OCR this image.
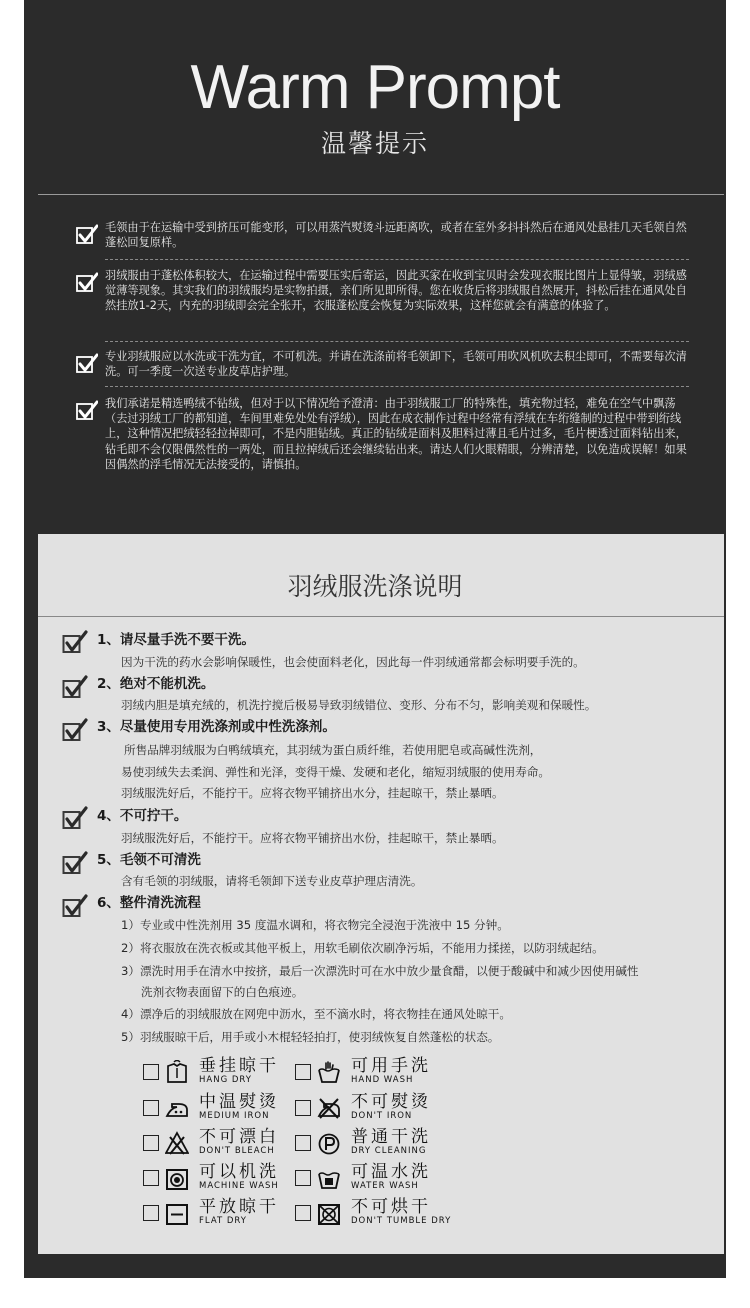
Warm Prompt
温馨提示
毛领由于在运输中受到挤压可能变形，可以用蒸汽熨烫斗远距离吹，或者在室外多抖抖然后在通风处悬挂几天毛领自然蓬松回复原样。
羽绒服由于蓬松体积较大，在运输过程中需要压实后寄运，因此买家在收到宝贝时会发现衣服比图片上显得皱，羽绒感觉薄等现象。其实我们的羽绒服均是实物拍摄，亲们所见即所得。您在收货后将羽绒服自然展开，抖松后挂在通风处自然挂放1-2天，内充的羽绒即会完全张开，衣服蓬松度会恢复为实际效果，这样您就会有满意的体验了。
专业羽绒服应以水洗或干洗为宜，不可机洗。并请在洗涤前将毛领卸下，毛领可用吹风机吹去积尘即可，不需要每次清洗。可一季度一次送专业皮草店护理。
我们承诺是精选鸭绒不钻绒，但对于以下情况给予澄清：由于羽绒服工厂的特殊性，填充物过轻，难免在空气中飘荡（去过羽绒工厂的都知道，车间里难免处处有浮绒），因此在成衣制作过程中经常有浮绒在车绗缝制的过程中带到绗线上，这种情况把绒轻轻拉掉即可，不是内胆钻绒。真正的钻绒是面料及胆料过薄且毛片过多，毛片梗透过面料钻出来，钻毛即不会仅限偶然性的一两处，而且拉掉绒后还会继续钻出来。请达人们火眼精眼，分辨清楚，以免造成误解！如果因偶然的浮毛情况无法接受的，请慎拍。
羽绒服洗涤说明
1、请尽量手洗不要干洗。
因为干洗的药水会影响保暖性，也会使面料老化，因此每一件羽绒通常都会标明要手洗的。
2、绝对不能机洗。
羽绒内胆是填充绒的，机洗拧搅后极易导致羽绒错位、变形、分布不匀，影响美观和保暖性。
3、尽量使用专用洗涤剂或中性洗涤剂。
所售品牌羽绒服为白鸭绒填充，其羽绒为蛋白质纤维，若使用肥皂或高碱性洗剂，
易使羽绒失去柔润、弹性和光泽，变得干燥、发硬和老化，缩短羽绒服的使用寿命。
羽绒服洗好后，不能拧干。应将衣物平铺挤出水分，挂起晾干，禁止暴晒。
4、不可拧干。
羽绒服洗好后，不能拧干。应将衣物平铺挤出水份，挂起晾干，禁止暴晒。
5、毛领不可清洗
含有毛领的羽绒服，请将毛领卸下送专业皮草护理店清洗。
6、整件清洗流程
1）专业或中性洗剂用 35 度温水调和，将衣物完全浸泡于洗液中 15 分钟。
2）将衣服放在洗衣板或其他平板上，用软毛刷依次刷净污垢，不能用力揉搓，以防羽绒起结。
3）漂洗时用手在清水中按挤，最后一次漂洗时可在水中放少量食醋，以便于酸碱中和减少因使用碱性
洗剂衣物表面留下的白色痕迹。
4）漂净后的羽绒服放在网兜中沥水，至不滴水时，将衣物挂在通风处晾干。
5）羽绒服晾干后，用手或小木棍轻轻拍打，使羽绒恢复自然蓬松的状态。
垂挂晾干
HANG DRY
可用手洗
HAND WASH
中温熨烫
MEDIUM IRON
不可熨烫
DON'T IRON
不可漂白
DON'T BLEACH
普通干洗
DRY CLEANING
可以机洗
MACHINE WASH
可温水洗
WATER WASH
平放晾干
FLAT DRY
不可烘干
DON'T TUMBLE DRY
